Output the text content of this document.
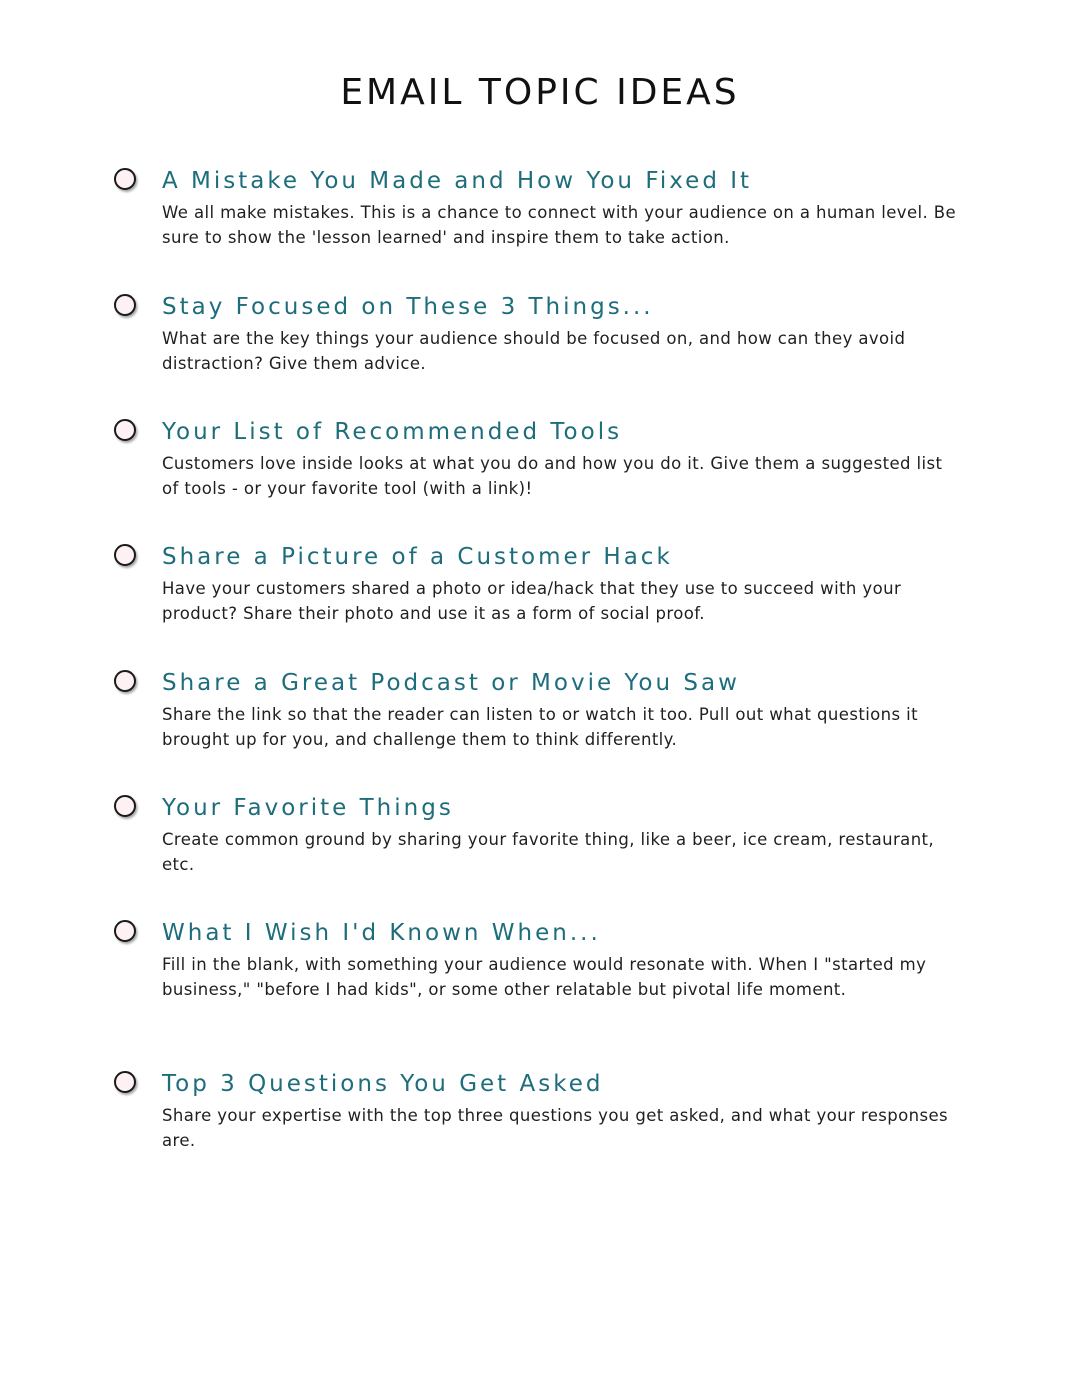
EMAIL TOPIC IDEAS
A Mistake You Made and How You Fixed It

We all make mistakes. This is a chance to connect with your audience on a human level. Be sure to show the 'lesson learned' and inspire them to take action.

Stay Focused on These 3 Things...

What are the key things your audience should be focused on, and how can they avoid distraction? Give them advice.

Your List of Recommended Tools

Customers love inside looks at what you do and how you do it. Give them a suggested list of tools - or your favorite tool (with a link)!

Share a Picture of a Customer Hack

Have your customers shared a photo or idea/hack that they use to succeed with your product? Share their photo and use it as a form of social proof.

Share a Great Podcast or Movie You Saw

Share the link so that the reader can listen to or watch it too. Pull out what questions it brought up for you, and challenge them to think differently.

Your Favorite Things

Create common ground by sharing your favorite thing, like a beer, ice cream, restaurant, etc.

What I Wish I'd Known When...

Fill in the blank, with something your audience would resonate with. When I "started my business," "before I had kids", or some other relatable but pivotal life moment.

Top 3 Questions You Get Asked

Share your expertise with the top three questions you get asked, and what your responses are.
